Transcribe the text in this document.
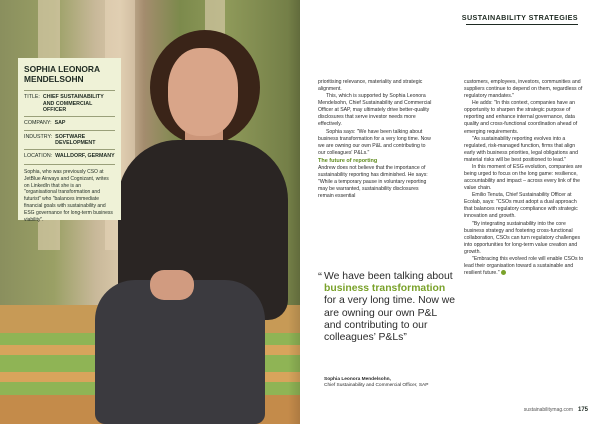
SOPHIA LEONORA MENDELSOHN
TITLE: CHIEF SUSTAINABILITY AND COMMERCIAL OFFICER
COMPANY: SAP
INDUSTRY: SOFTWARE DEVELOPMENT
LOCATION: WALLDORF, GERMANY
Sophia, who was previously CSO at JetBlue Airways and Cognizant, writes on LinkedIn that she is an "organisational transformation and futurist" who "balances immediate financial goals with sustainability and ESG governance for long-term business viability".
SUSTAINABILITY STRATEGIES

prioritising relevance, materiality and strategic alignment.

This, which is supported by Sophia Leonora Mendelsohn, Chief Sustainability and Commercial Officer at SAP, may ultimately drive better-quality disclosures that serve investor needs more effectively.

Sophia says: "We have been talking about business transformation for a very long time. Now we are owning our own P&L and contributing to our colleagues' P&Ls."

The future of reporting

Andrew does not believe that the importance of sustainability reporting has diminished. He says: "While a temporary pause in voluntary reporting may be warranted, sustainability disclosures remain essential

customers, employees, investors, communities and suppliers continue to depend on them, regardless of regulatory mandates."

He adds: "In this context, companies have an opportunity to sharpen the strategic purpose of reporting and enhance internal governance, data quality and cross-functional coordination ahead of emerging requirements.

"As sustainability reporting evolves into a regulated, risk-managed function, firms that align early with business priorities, legal obligations and material risks will be best positioned to lead."

In this moment of ESG evolution, companies are being urged to focus on the long game: resilience, accountability and impact – across every link of the value chain.

Emilio Tenuta, Chief Sustainability Officer at Ecolab, says: "CSOs must adopt a dual approach that balances regulatory compliance with strategic innovation and growth.

"By integrating sustainability into the core business strategy and fostering cross-functional collaboration, CSOs can turn regulatory challenges into opportunities for long-term value creation and growth.

"Embracing this evolved role will enable CSOs to lead their organisation toward a sustainable and resilient future."

“ We have been talking about business transformation for a very long time. Now we are owning our own P&L and contributing to our colleagues’ P&Ls”
Sophia Leonora Mendelsohn,
Chief Sustainability and Commercial Officer, SAP
sustainabilitymag.com 175
